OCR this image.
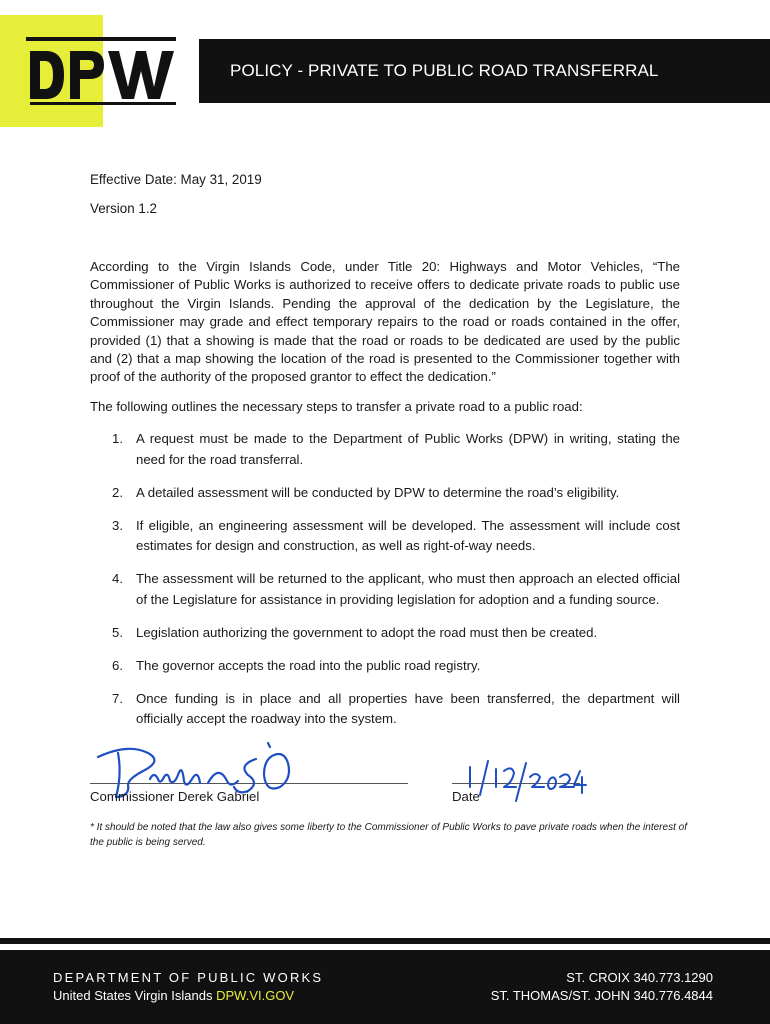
POLICY - PRIVATE TO PUBLIC ROAD TRANSFERRAL
Effective Date: May 31, 2019
Version 1.2
According to the Virgin Islands Code, under Title 20: Highways and Motor Vehicles, “The Commissioner of Public Works is authorized to receive offers to dedicate private roads to public use throughout the Virgin Islands. Pending the approval of the dedication by the Legislature, the Commissioner may grade and effect temporary repairs to the road or roads contained in the offer, provided (1) that a showing is made that the road or roads to be dedicated are used by the public and (2) that a map showing the location of the road is presented to the Commissioner together with proof of the authority of the proposed grantor to effect the dedication.”
The following outlines the necessary steps to transfer a private road to a public road:
1. A request must be made to the Department of Public Works (DPW) in writing, stating the need for the road transferral.
2. A detailed assessment will be conducted by DPW to determine the road’s eligibility.
3. If eligible, an engineering assessment will be developed. The assessment will include cost estimates for design and construction, as well as right-of-way needs.
4. The assessment will be returned to the applicant, who must then approach an elected official of the Legislature for assistance in providing legislation for adoption and a funding source.
5. Legislation authorizing the government to adopt the road must then be created.
6. The governor accepts the road into the public road registry.
7. Once funding is in place and all properties have been transferred, the department will officially accept the roadway into the system.
Commissioner Derek Gabriel	Date
* It should be noted that the law also gives some liberty to the Commissioner of Public Works to pave private roads when the interest of the public is being served.
DEPARTMENT OF PUBLIC WORKS
United States Virgin Islands DPW.VI.GOV
ST. CROIX 340.773.1290
ST. THOMAS/ST. JOHN 340.776.4844
